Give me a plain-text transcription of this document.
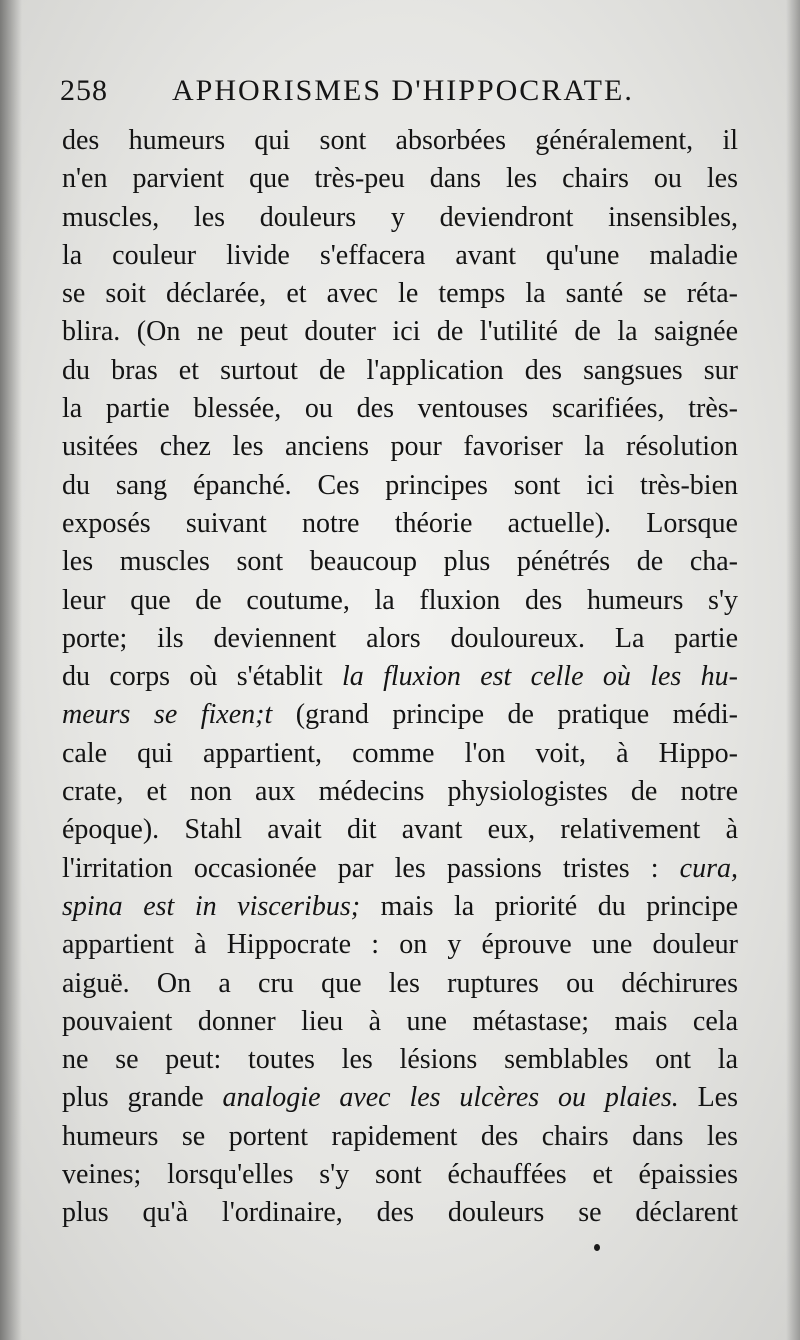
258 APHORISMES D'HIPPOCRATE.
des humeurs qui sont absorbées généralement, il
n'en parvient que très-peu dans les chairs ou les
muscles, les douleurs y deviendront insensibles,
la couleur livide s'effacera avant qu'une maladie
se soit déclarée, et avec le temps la santé se réta-
blira. (On ne peut douter ici de l'utilité de la saignée
du bras et surtout de l'application des sangsues sur
la partie blessée, ou des ventouses scarifiées, très-
usitées chez les anciens pour favoriser la résolution
du sang épanché. Ces principes sont ici très-bien
exposés suivant notre théorie actuelle). Lorsque
les muscles sont beaucoup plus pénétrés de cha-
leur que de coutume, la fluxion des humeurs s'y
porte; ils deviennent alors douloureux. La partie
du corps où s'établit la fluxion est celle où les hu-
meurs se fixen;t (grand principe de pratique médi-
cale qui appartient, comme l'on voit, à Hippo-
crate, et non aux médecins physiologistes de notre
époque). Stahl avait dit avant eux, relativement à
l'irritation occasionée par les passions tristes : cura,
spina est in visceribus; mais la priorité du principe
appartient à Hippocrate : on y éprouve une douleur
aiguë. On a cru que les ruptures ou déchirures
pouvaient donner lieu à une métastase; mais cela
ne se peut: toutes les lésions semblables ont la
plus grande analogie avec les ulcères ou plaies. Les
humeurs se portent rapidement des chairs dans les
veines; lorsqu'elles s'y sont échauffées et épaissies
plus qu'à l'ordinaire, des douleurs se déclarent
